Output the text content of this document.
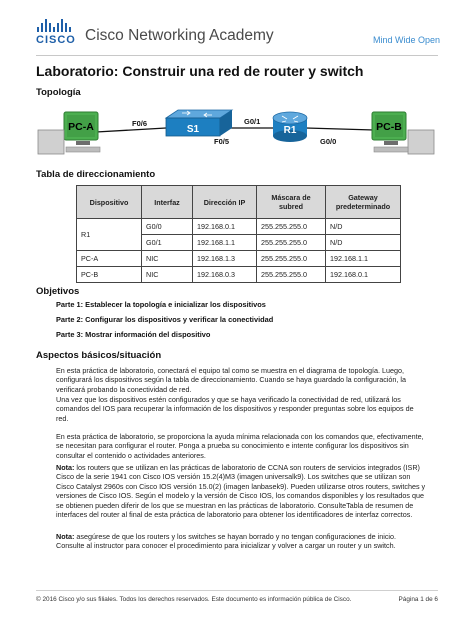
CISCO Cisco Networking Academy	Mind Wide Open
Laboratorio: Construir una red de router y switch
Topología
PC-A	S1	R1	PC-B
F0/6
F0/5
G0/1
G0/0
Tabla de direccionamiento
Dispositivo	Interfaz	Dirección IP	Máscara de subred	Gateway predeterminado
R1	G0/0	192.168.0.1	255.255.255.0	N/D
	G0/1	192.168.1.1	255.255.255.0	N/D
PC-A	NIC	192.168.1.3	255.255.255.0	192.168.1.1
PC-B	NIC	192.168.0.3	255.255.255.0	192.168.0.1
Objetivos
Parte 1: Establecer la topología e inicializar los dispositivos
Parte 2: Configurar los dispositivos y verificar la conectividad
Parte 3: Mostrar información del dispositivo
Aspectos básicos/situación

En esta práctica de laboratorio, conectará el equipo tal como se muestra en el diagrama de topología. Luego, configurará los dispositivos según la tabla de direccionamiento. Cuando se haya guardado la configuración, la verificará probando la conectividad de red.

Una vez que los dispositivos estén configurados y que se haya verificado la conectividad de red, utilizará los comandos del IOS para recuperar la información de los dispositivos y responder preguntas sobre los equipos de red.

En esta práctica de laboratorio, se proporciona la ayuda mínima relacionada con los comandos que, efectivamente, se necesitan para configurar el router. Ponga a prueba su conocimiento e intente configurar los dispositivos sin consultar el contenido o actividades anteriores.

Nota: los routers que se utilizan en las prácticas de laboratorio de CCNA son routers de servicios integrados (ISR) Cisco de la serie 1941 con Cisco IOS versión 15.2(4)M3 (imagen universalk9). Los switches que se utilizan son Cisco Catalyst 2960s con Cisco IOS versión 15.0(2) (imagen lanbasek9). Pueden utilizarse otros routers, switches y versiones de Cisco IOS. Según el modelo y la versión de Cisco IOS, los comandos disponibles y los resultados que se obtienen pueden diferir de los que se muestran en las prácticas de laboratorio. ConsulteTabla de resumen de interfaces del router al final de esta práctica de laboratorio para obtener los identificadores de interfaz correctos.

Nota: asegúrese de que los routers y los switches se hayan borrado y no tengan configuraciones de inicio. Consulte al instructor para conocer el procedimiento para inicializar y volver a cargar un router y un switch.

© 2016 Cisco y/o sus filiales. Todos los derechos reservados. Este documento es información pública de Cisco.	Página 1 de 6
